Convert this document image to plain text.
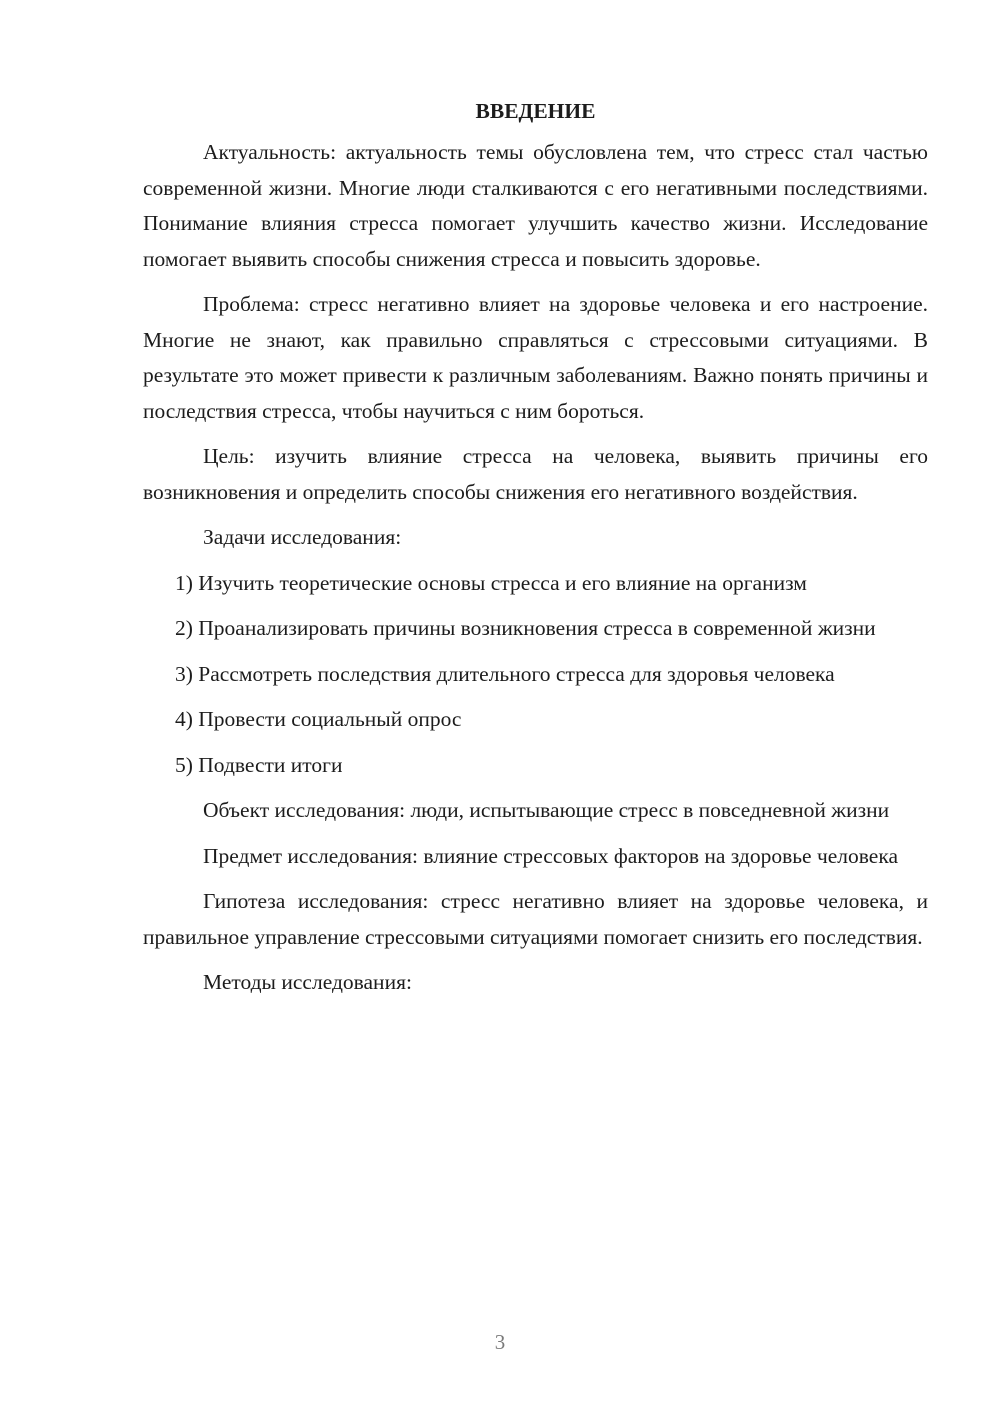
ВВЕДЕНИЕ

Актуальность: актуальность темы обусловлена тем, что стресс стал частью современной жизни. Многие люди сталкиваются с его негативными последствиями. Понимание влияния стресса помогает улучшить качество жизни. Исследование помогает выявить способы снижения стресса и повысить здоровье.

Проблема: стресс негативно влияет на здоровье человека и его настроение. Многие не знают, как правильно справляться с стрессовыми ситуациями. В результате это может привести к различным заболеваниям. Важно понять причины и последствия стресса, чтобы научиться с ним бороться.

Цель: изучить влияние стресса на человека, выявить причины его возникновения и определить способы снижения его негативного воздействия.

Задачи исследования:

1) Изучить теоретические основы стресса и его влияние на организм

2) Проанализировать причины возникновения стресса в современной жизни

3) Рассмотреть последствия длительного стресса для здоровья человека

4) Провести социальный опрос

5) Подвести итоги

Объект исследования: люди, испытывающие стресс в повседневной жизни

Предмет исследования: влияние стрессовых факторов на здоровье человека

Гипотеза исследования: стресс негативно влияет на здоровье человека, и правильное управление стрессовыми ситуациями помогает снизить его последствия.

Методы исследования:

3
